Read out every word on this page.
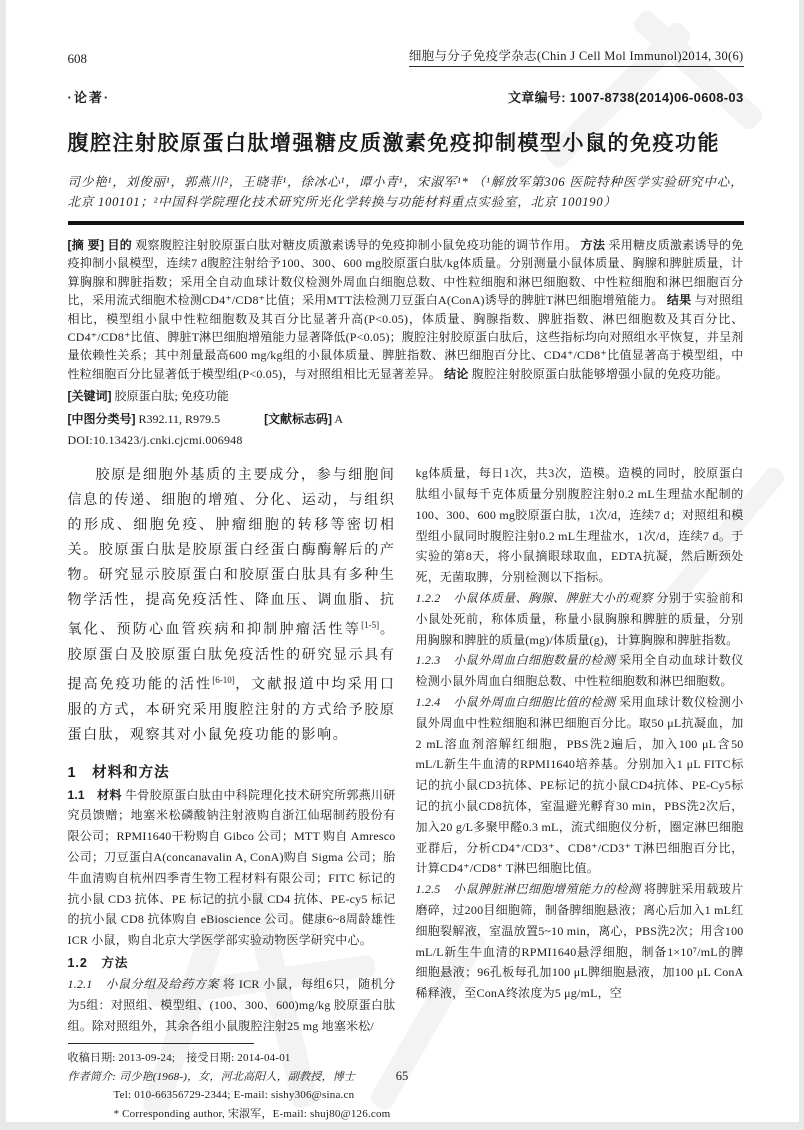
608	细胞与分子免疫学杂志(Chin J Cell Mol Immunol)2014, 30(6)
·论著·	文章编号: 1007-8738(2014)06-0608-03
腹腔注射胶原蛋白肽增强糖皮质激素免疫抑制模型小鼠的免疫功能
司少艳¹，刘俊丽¹，郭燕川²，王晓菲¹，徐冰心¹，谭小青¹，宋淑军¹* （¹解放军第306 医院特种医学实验研究中心，北京 100101；²中国科学院理化技术研究所光化学转换与功能材料重点实验室，北京 100190）
[摘 要] 目的 观察腹腔注射胶原蛋白肽对糖皮质激素诱导的免疫抑制小鼠免疫功能的调节作用。 方法 采用糖皮质激素诱导的免疫抑制小鼠模型，连续7 d腹腔注射给予100、300、600 mg胶原蛋白肽/kg体质量。分别测量小鼠体质量、胸腺和脾脏质量，计算胸腺和脾脏指数；采用全自动血球计数仪检测外周血白细胞总数、中性粒细胞和淋巴细胞数、中性粒细胞和淋巴细胞百分比，采用流式细胞术检测CD4⁺/CD8⁺比值；采用MTT法检测刀豆蛋白A(ConA)诱导的脾脏T淋巴细胞增殖能力。 结果 与对照组相比，模型组小鼠中性粒细胞数及其百分比显著升高(P<0.05)，体质量、胸腺指数、脾脏指数、淋巴细胞数及其百分比、CD4⁺/CD8⁺比值、脾脏T淋巴细胞增殖能力显著降低(P<0.05)；腹腔注射胶原蛋白肽后，这些指标均向对照组水平恢复，并呈剂量依赖性关系；其中剂量最高600 mg/kg组的小鼠体质量、脾脏指数、淋巴细胞百分比、CD4⁺/CD8⁺比值显著高于模型组，中性粒细胞百分比显著低于模型组(P<0.05)，与对照组相比无显著差异。 结论 腹腔注射胶原蛋白肽能够增强小鼠的免疫功能。
[关键词] 胶原蛋白肽; 免疫功能
[中图分类号] R392.11, R979.5	[文献标志码] A
DOI:10.13423/j.cnki.cjcmi.006948

胶原是细胞外基质的主要成分，参与细胞间信息的传递、细胞的增殖、分化、运动，与组织的形成、细胞免疫、肿瘤细胞的转移等密切相关。胶原蛋白肽是胶原蛋白经蛋白酶酶解后的产物。研究显示胶原蛋白和胶原蛋白肽具有多种生物学活性，提高免疫活性、降血压、调血脂、抗氧化、预防心血管疾病和抑制肿瘤活性等[1-5]。胶原蛋白及胶原蛋白肽免疫活性的研究显示具有提高免疫功能的活性[6-10]，文献报道中均采用口服的方式，本研究采用腹腔注射的方式给予胶原蛋白肽，观察其对小鼠免疫功能的影响。

1　材料和方法

1.1　材料 牛骨胶原蛋白肽由中科院理化技术研究所郭燕川研究员馈赠；地塞米松磷酸钠注射液购自浙江仙琚制药股份有限公司；RPMI1640干粉购自 Gibco 公司；MTT 购自 Amresco 公司；刀豆蛋白A(concanavalin A, ConA)购自 Sigma 公司；胎牛血清购自杭州四季青生物工程材料有限公司；FITC 标记的抗小鼠 CD3 抗体、PE 标记的抗小鼠 CD4 抗体、PE-cy5 标记的抗小鼠 CD8 抗体购自 eBioscience 公司。健康6~8周龄雄性 ICR 小鼠，购自北京大学医学部实验动物医学研究中心。

1.2　方法

1.2.1　小鼠分组及给药方案 将 ICR 小鼠，每组6只，随机分为5组：对照组、模型组、(100、300、600)mg/kg 胶原蛋白肽组。除对照组外，其余各组小鼠腹腔注射25 mg 地塞米松/

收稿日期: 2013-09-24;　接受日期: 2014-04-01
作者简介: 司少艳(1968-)，女，河北高阳人，副教授，博士
Tel: 010-66356729-2344; E-mail: sishy306@sina.cn
* Corresponding author, 宋淑军，E-mail: shuj80@126.com

kg体质量，每日1次，共3次，造模。造模的同时，胶原蛋白肽组小鼠每千克体质量分别腹腔注射0.2 mL生理盐水配制的100、300、600 mg胶原蛋白肽，1次/d，连续7 d；对照组和模型组小鼠同时腹腔注射0.2 mL生理盐水，1次/d，连续7 d。于实验的第8天，将小鼠摘眼球取血，EDTA抗凝，然后断颈处死，无菌取脾，分别检测以下指标。

1.2.2　小鼠体质量、胸腺、脾脏大小的观察 分别于实验前和小鼠处死前，称体质量，称量小鼠胸腺和脾脏的质量，分别用胸腺和脾脏的质量(mg)/体质量(g)，计算胸腺和脾脏指数。

1.2.3　小鼠外周血白细胞数量的检测 采用全自动血球计数仪检测小鼠外周血白细胞总数、中性粒细胞数和淋巴细胞数。

1.2.4　小鼠外周血白细胞比值的检测 采用血球计数仪检测小鼠外周血中性粒细胞和淋巴细胞百分比。取50 μL抗凝血，加2 mL溶血剂溶解红细胞，PBS洗2遍后，加入100 μL含50 mL/L新生牛血清的RPMI1640培养基。分别加入1 μL FITC标记的抗小鼠CD3抗体、PE标记的抗小鼠CD4抗体、PE-Cy5标记的抗小鼠CD8抗体，室温避光孵育30 min，PBS洗2次后，加入20 g/L多聚甲醛0.3 mL，流式细胞仪分析，圈定淋巴细胞亚群后，分析CD4⁺/CD3⁺、CD8⁺/CD3⁺ T淋巴细胞百分比，计算CD4⁺/CD8⁺ T淋巴细胞比值。

1.2.5　小鼠脾脏淋巴细胞增殖能力的检测 将脾脏采用载玻片磨碎，过200目细胞筛，制备脾细胞悬液；离心后加入1 mL红细胞裂解液，室温放置5~10 min，离心，PBS洗2次；用含100 mL/L新生牛血清的RPMI1640悬浮细胞，制备1×10⁷/mL的脾细胞悬液；96孔板每孔加100 μL脾细胞悬液，加100 μL ConA稀释液，至ConA终浓度为5 μg/mL，空

65
